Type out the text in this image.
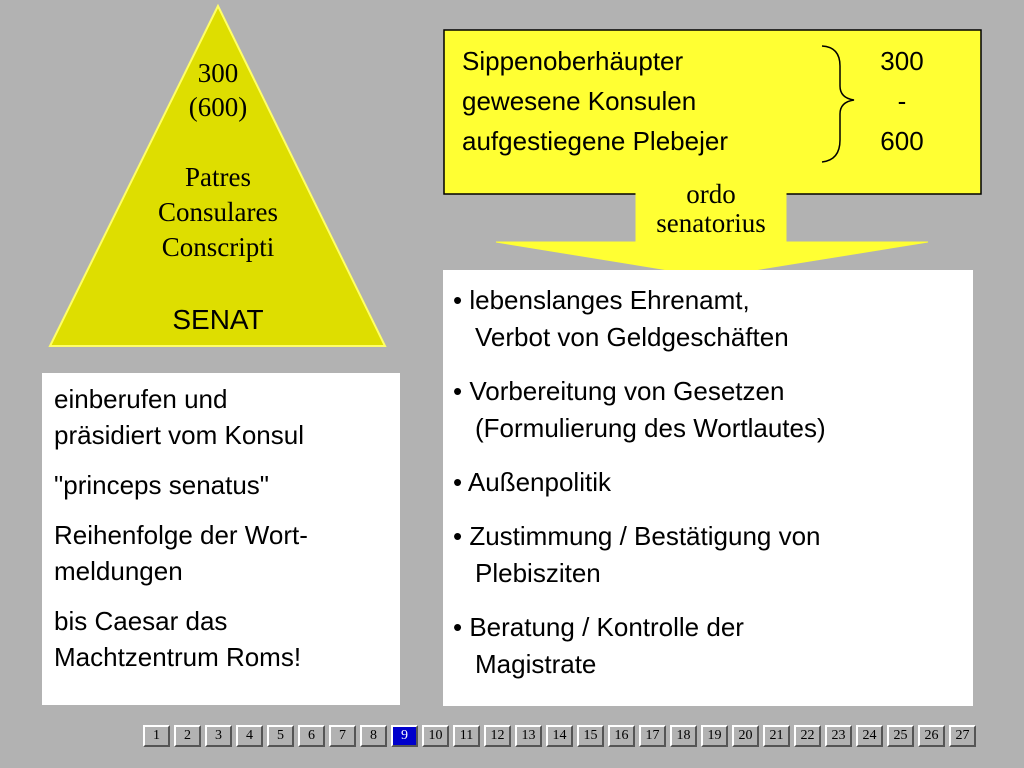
300
(600)
Patres
Consulares
Conscripti
SENAT
Sippenoberhäupter	300
gewesene Konsulen	-
aufgestiegene Plebejer	600
ordo
senatorius

einberufen und
präsidiert vom Konsul

"princeps senatus"

Reihenfolge der Wort-
meldungen

bis Caesar das
Machtzentrum Roms!

• lebenslanges Ehrenamt,
Verbot von Geldgeschäften
• Vorbereitung von Gesetzen
(Formulierung des Wortlautes)
• Außenpolitik
• Zustimmung / Bestätigung von
Plebisziten
• Beratung / Kontrolle der
Magistrate
1	2	3	4	5	6	7	8	9	10	11	12	13	14	15	16	17	18	19	20	21	22	23	24	25	26	27
